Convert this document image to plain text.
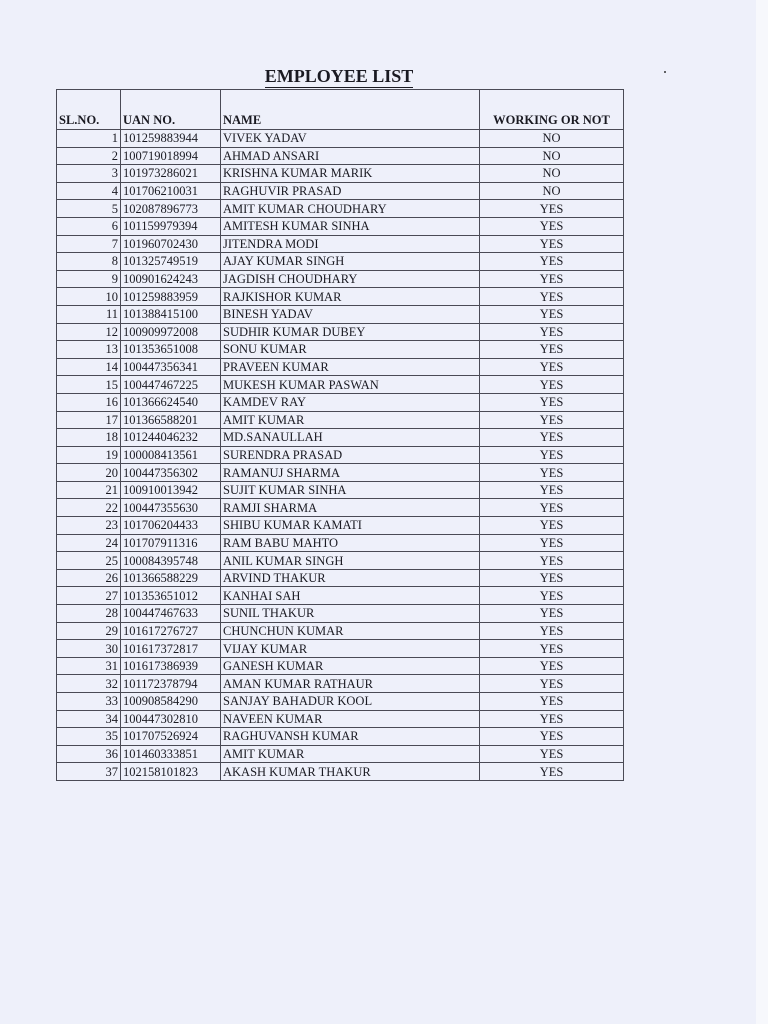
EMPLOYEE LIST
SL.NO.	UAN NO.	NAME	WORKING OR NOT
1	101259883944	VIVEK YADAV	NO
2	100719018994	AHMAD ANSARI	NO
3	101973286021	KRISHNA KUMAR MARIK	NO
4	101706210031	RAGHUVIR PRASAD	NO
5	102087896773	AMIT KUMAR CHOUDHARY	YES
6	101159979394	AMITESH KUMAR SINHA	YES
7	101960702430	JITENDRA MODI	YES
8	101325749519	AJAY KUMAR SINGH	YES
9	100901624243	JAGDISH CHOUDHARY	YES
10	101259883959	RAJKISHOR KUMAR	YES
11	101388415100	BINESH YADAV	YES
12	100909972008	SUDHIR KUMAR DUBEY	YES
13	101353651008	SONU KUMAR	YES
14	100447356341	PRAVEEN KUMAR	YES
15	100447467225	MUKESH KUMAR PASWAN	YES
16	101366624540	KAMDEV RAY	YES
17	101366588201	AMIT KUMAR	YES
18	101244046232	MD.SANAULLAH	YES
19	100008413561	SURENDRA PRASAD	YES
20	100447356302	RAMANUJ SHARMA	YES
21	100910013942	SUJIT KUMAR SINHA	YES
22	100447355630	RAMJI SHARMA	YES
23	101706204433	SHIBU KUMAR KAMATI	YES
24	101707911316	RAM BABU MAHTO	YES
25	100084395748	ANIL KUMAR SINGH	YES
26	101366588229	ARVIND THAKUR	YES
27	101353651012	KANHAI SAH	YES
28	100447467633	SUNIL THAKUR	YES
29	101617276727	CHUNCHUN KUMAR	YES
30	101617372817	VIJAY KUMAR	YES
31	101617386939	GANESH KUMAR	YES
32	101172378794	AMAN KUMAR RATHAUR	YES
33	100908584290	SANJAY BAHADUR KOOL	YES
34	100447302810	NAVEEN KUMAR	YES
35	101707526924	RAGHUVANSH KUMAR	YES
36	101460333851	AMIT KUMAR	YES
37	102158101823	AKASH KUMAR THAKUR	YES
